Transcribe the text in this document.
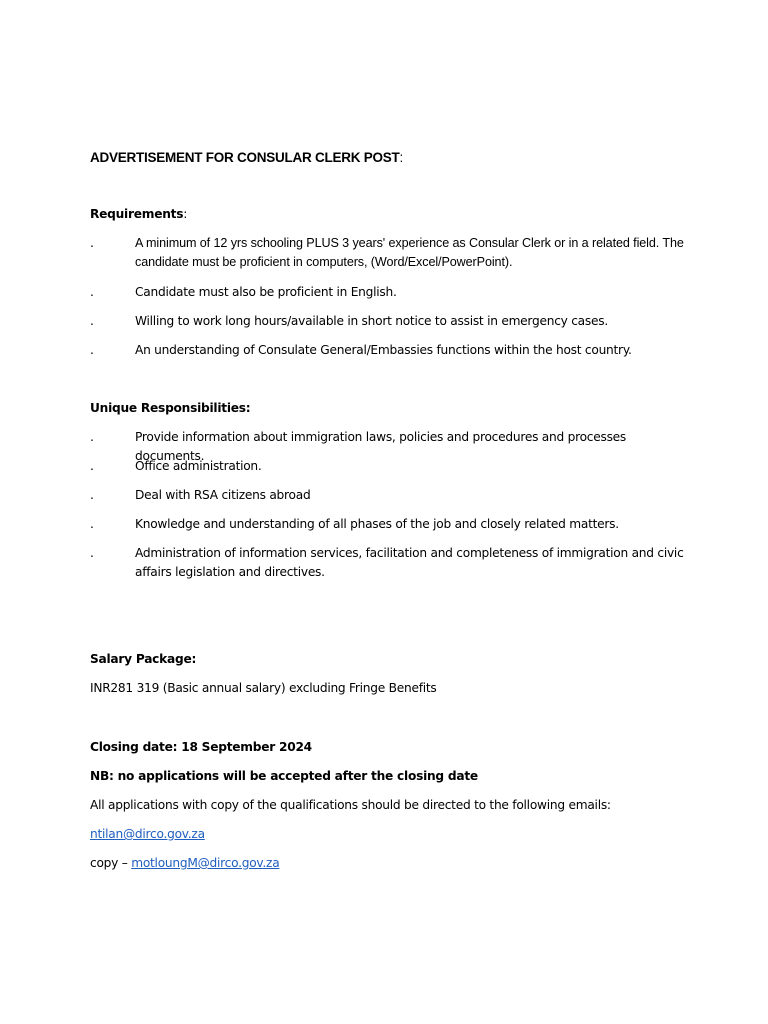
ADVERTISEMENT FOR CONSULAR CLERK POST:
Requirements:
.	A minimum of 12 yrs schooling PLUS 3 years' experience as Consular Clerk or in a related field. The candidate must be proficient in computers, (Word/Excel/PowerPoint).
.	Candidate must also be proficient in English.
.	Willing to work long hours/available in short notice to assist in emergency cases.
.	An understanding of Consulate General/Embassies functions within the host country.
Unique Responsibilities:
.	Provide information about immigration laws, policies and procedures and processes documents.
.	Office administration.
.	Deal with RSA citizens abroad
.	Knowledge and understanding of all phases of the job and closely related matters.
.	Administration of information services, facilitation and completeness of immigration and civic affairs legislation and directives.
Salary Package:
INR281 319 (Basic annual salary) excluding Fringe Benefits
Closing date: 18 September 2024
NB: no applications will be accepted after the closing date
All applications with copy of the qualifications should be directed to the following emails:
ntilan@dirco.gov.za
copy – motloungM@dirco.gov.za
